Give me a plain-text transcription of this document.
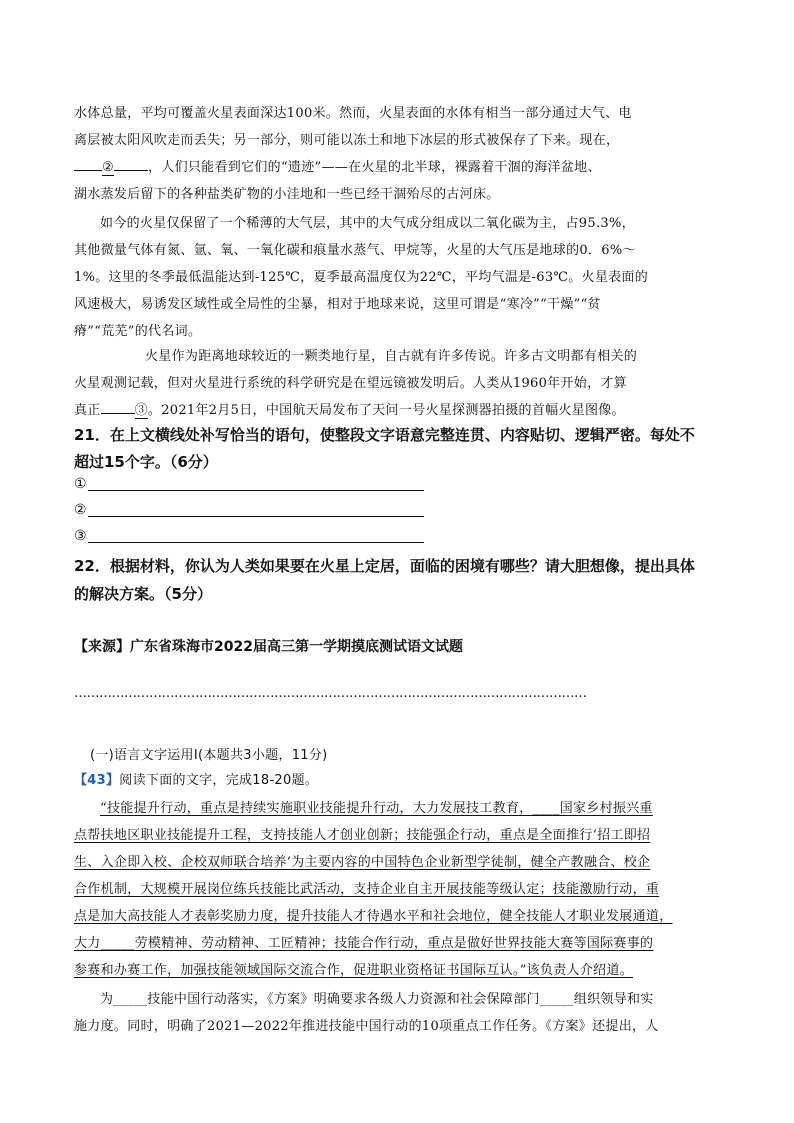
水体总量，平均可覆盖火星表面深达100米。然而，火星表面的水体有相当一部分通过大气、电
离层被太阳风吹走而丢失；另一部分，则可能以冻土和地下冰层的形式被保存了下来。现在，
②	，人们只能看到它们的“遗迹”——在火星的北半球，裸露着干涸的海洋盆地、
湖水蒸发后留下的各种盐类矿物的小洼地和一些已经干涸殆尽的古河床。
如今的火星仅保留了一个稀薄的大气层，其中的大气成分组成以二氧化碳为主，占95.3%，
其他微量气体有氮、氩、氧、一氧化碳和痕量水蒸气、甲烷等，火星的大气压是地球的0．6%～
1%。这里的冬季最低温能达到-125℃，夏季最高温度仅为22℃，平均气温是-63℃。火星表面的
风速极大，易诱发区域性或全局性的尘暴，相对于地球来说，这里可谓是“寒冷”“干燥”“贫
瘠”“荒芜”的代名词。
火星作为距离地球较近的一颗类地行星，自古就有许多传说。许多古文明都有相关的
火星观测记载，但对火星进行系统的科学研究是在望远镜被发明后。人类从1960年开始，才算
真正	③。2021年2月5日，中国航天局发布了天问一号火星探测器拍摄的首幅火星图像。
21．在上文横线处补写恰当的语句，使整段文字语意完整连贯、内容贴切、逻辑严密。每处不
超过15个字。（6分）
①
②
③
22．根据材料，你认为人类如果要在火星上定居，面临的困境有哪些？请大胆想像，提出具体
的解决方案。（5分）
【来源】广东省珠海市2022届高三第一学期摸底测试语文试题
……………………………………………………………………………………………………………
(一)语言文字运用Ⅰ(本题共3小题，11分)
【43】阅读下面的文字，完成18-20题。
“技能提升行动，重点是持续实施职业技能提升行动，大力发展技工教育，____国家乡村振兴重
点帮扶地区职业技能提升工程，支持技能人才创业创新；技能强企行动，重点是全面推行‘招工即招
生、入企即入校、企校双师联合培养’为主要内容的中国特色企业新型学徒制，健全产教融合、校企
合作机制，大规模开展岗位练兵技能比武活动，支持企业自主开展技能等级认定；技能激励行动，重
点是加大高技能人才表彰奖励力度，提升技能人才待遇水平和社会地位，健全技能人才职业发展通道，
大力_____劳模精神、劳动精神、工匠精神；技能合作行动，重点是做好世界技能大赛等国际赛事的
参赛和办赛工作，加强技能领域国际交流合作，促进职业资格证书国际互认。”该负责人介绍道。
为_____技能中国行动落实，《方案》明确要求各级人力资源和社会保障部门_____组织领导和实
施力度。同时，明确了2021—2022年推进技能中国行动的10项重点工作任务。《方案》还提出，人
